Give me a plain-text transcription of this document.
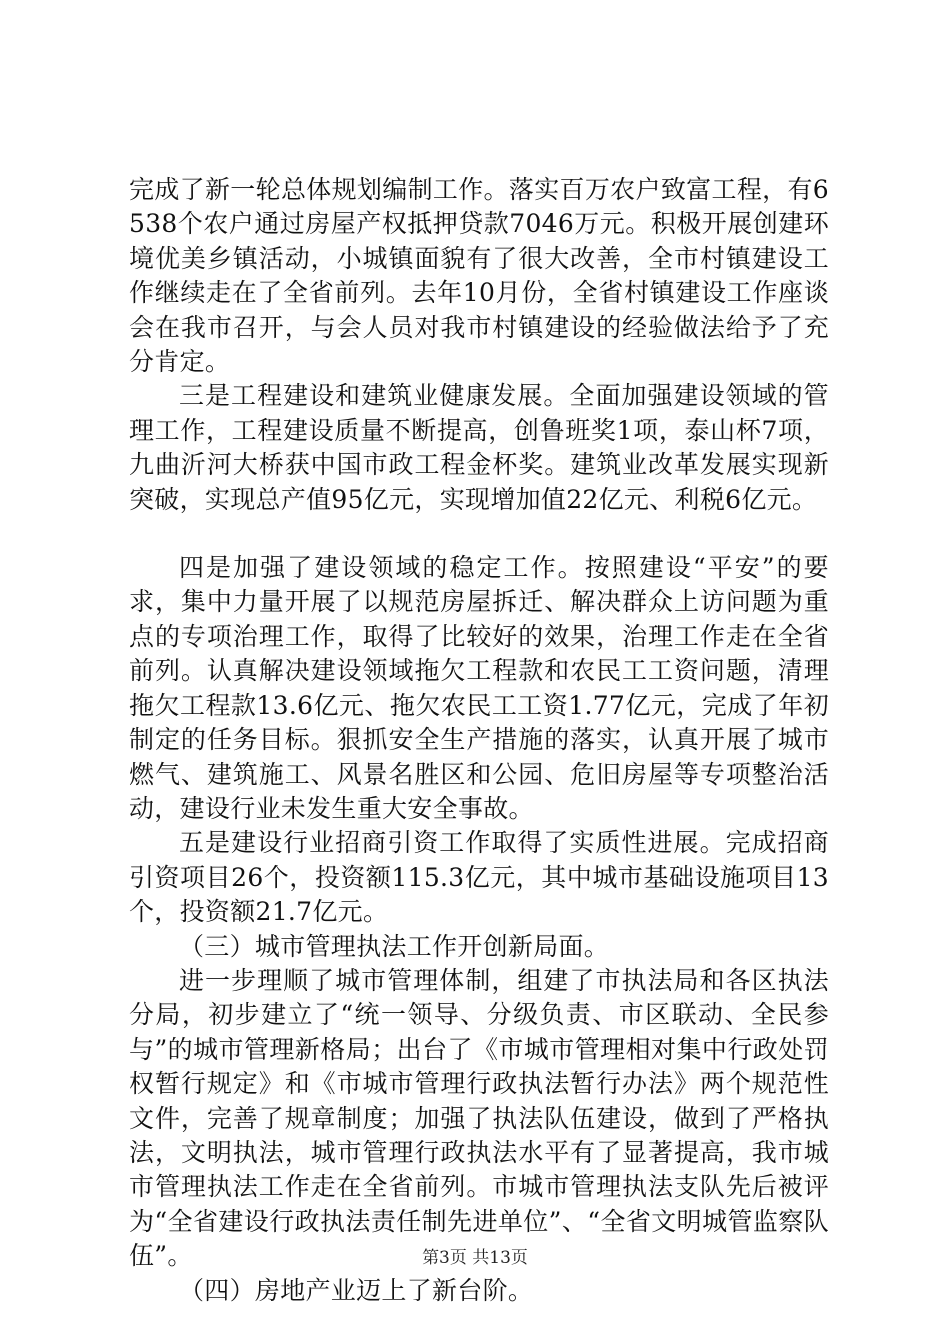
完成了新一轮总体规划编制工作。落实百万农户致富工程，有6538个农户通过房屋产权抵押贷款7046万元。积极开展创建环境优美乡镇活动，小城镇面貌有了很大改善，全市村镇建设工作继续走在了全省前列。去年10月份，全省村镇建设工作座谈会在我市召开，与会人员对我市村镇建设的经验做法给予了充分肯定。

三是工程建设和建筑业健康发展。全面加强建设领域的管理工作，工程建设质量不断提高，创鲁班奖1项，泰山杯7项，九曲沂河大桥获中国市政工程金杯奖。建筑业改革发展实现新突破，实现总产值95亿元，实现增加值22亿元、利税6亿元。

四是加强了建设领域的稳定工作。按照建设“平安”的要求，集中力量开展了以规范房屋拆迁、解决群众上访问题为重点的专项治理工作，取得了比较好的效果，治理工作走在全省前列。认真解决建设领域拖欠工程款和农民工工资问题，清理拖欠工程款13.6亿元、拖欠农民工工资1.77亿元，完成了年初制定的任务目标。狠抓安全生产措施的落实，认真开展了城市燃气、建筑施工、风景名胜区和公园、危旧房屋等专项整治活动，建设行业未发生重大安全事故。

五是建设行业招商引资工作取得了实质性进展。完成招商引资项目26个，投资额115.3亿元，其中城市基础设施项目13个，投资额21.7亿元。

（三）城市管理执法工作开创新局面。

进一步理顺了城市管理体制，组建了市执法局和各区执法分局，初步建立了“统一领导、分级负责、市区联动、全民参与”的城市管理新格局；出台了《市城市管理相对集中行政处罚权暂行规定》和《市城市管理行政执法暂行办法》两个规范性文件，完善了规章制度；加强了执法队伍建设，做到了严格执法，文明执法，城市管理行政执法水平有了显著提高，我市城市管理执法工作走在全省前列。市城市管理执法支队先后被评为“全省建设行政执法责任制先进单位”、“全省文明城管监察队伍”。

（四）房地产业迈上了新台阶。

第3页 共13页
